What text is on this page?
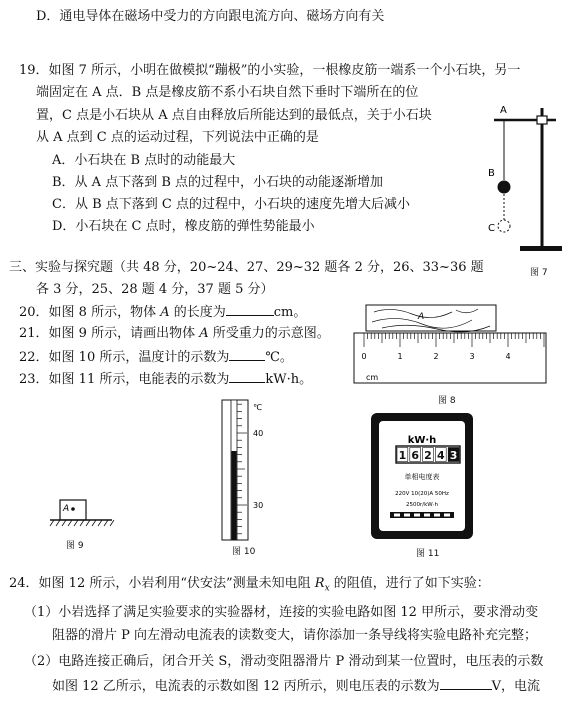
D．通电导体在磁场中受力的方向跟电流方向、磁场方向有关
19．如图 7 所示，小明在做模拟“蹦极”的小实验，一根橡皮筋一端系一个小石块，另一
端固定在 A 点．B 点是橡皮筋不系小石块自然下垂时下端所在的位
置，C 点是小石块从 A 点自由释放后所能达到的最低点，关于小石块
从 A 点到 C 点的运动过程，下列说法中正确的是
A．小石块在 B 点时的动能最大
B．从 A 点下落到 B 点的过程中，小石块的动能逐渐增加
C．从 B 点下落到 C 点的过程中，小石块的速度先增大后减小
D．小石块在 C 点时，橡皮筋的弹性势能最小
A
B
C
图 7
三、实验与探究题（共 48 分，20~24、27、29~32 题各 2 分，26、33~36 题
各 3 分，25、28 题 4 分，37 题 5 分）
20．如图 8 所示，物体 A 的长度为	cm。
21．如图 9 所示，请画出物体 A 所受重力的示意图。
22．如图 10 所示，温度计的示数为	℃。
23．如图 11 所示，电能表的示数为	kW·h。
A
0	1	2	3	4
cm
图 8
A
图 9
℃
40
30
图 10
kW·h
1 6 2 4 3
单相电度表
220V 10(20)A 50Hz
2500r/kW·h
图 11
24．如图 12 所示，小岩利用“伏安法”测量未知电阻 $R_x$ 的阻值，进行了如下实验：
（1）小岩选择了满足实验要求的实验器材，连接的实验电路如图 12 甲所示，要求滑动变
阻器的滑片 P 向左滑动电流表的读数变大，请你添加一条导线将实验电路补充完整；
（2）电路连接正确后，闭合开关 S，滑动变阻器滑片 P 滑动到某一位置时，电压表的示数
如图 12 乙所示，电流表的示数如图 12 丙所示，则电压表的示数为	V，电流
